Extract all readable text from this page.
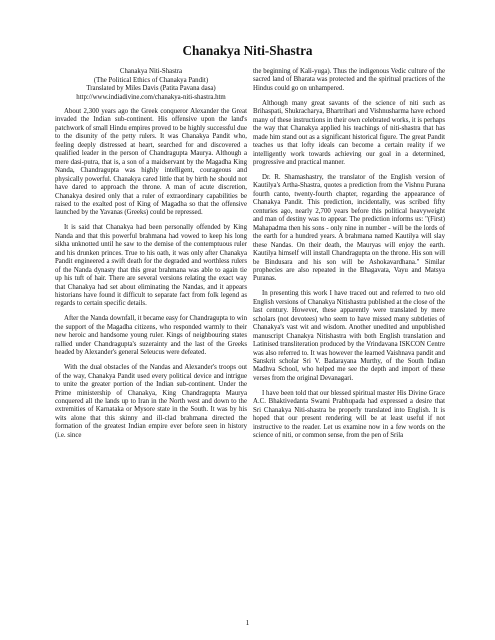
Chanakya Niti-Shastra
Chanakya Niti-Shastra
(The Political Ethics of Chanakya Pandit)
Translated by Miles Davis (Patita Pavana dasa)
http://www.indiadivine.com/chanakya-niti-shastra.htm

About 2,300 years ago the Greek conqueror Alexander the Great invaded the Indian sub-continent. His offensive upon the land's patchwork of small Hindu empires proved to be highly successful due to the disunity of the petty rulers. It was Chanakya Pandit who, feeling deeply distressed at heart, searched for and discovered a qualified leader in the person of Chandragupta Maurya. Although a mere dasi-putra, that is, a son of a maidservant by the Magadha King Nanda, Chandragupta was highly intelligent, courageous and physically powerful. Chanakya cared little that by birth he should not have dared to approach the throne. A man of acute discretion, Chanakya desired only that a ruler of extraordinary capabilities be raised to the exalted post of King of Magadha so that the offensive launched by the Yavanas (Greeks) could be repressed.

It is said that Chanakya had been personally offended by King Nanda and that this powerful brahmana had vowed to keep his long sikha unknotted until he saw to the demise of the contemptuous ruler and his drunken princes. True to his oath, it was only after Chanakya Pandit engineered a swift death for the degraded and worthless rulers of the Nanda dynasty that this great brahmana was able to again tie up his tuft of hair. There are several versions relating the exact way that Chanakya had set about eliminating the Nandas, and it appears historians have found it difficult to separate fact from folk legend as regards to certain specific details.

After the Nanda downfall, it became easy for Chandragupta to win the support of the Magadha citizens, who responded warmly to their new heroic and handsome young ruler. Kings of neighbouring states rallied under Chandragupta's suzerainty and the last of the Greeks headed by Alexander's general Seleucus were defeated.

With the dual obstacles of the Nandas and Alexander's troops out of the way, Chanakya Pandit used every political device and intrigue to unite the greater portion of the Indian sub-continent. Under the Prime ministership of Chanakya, King Chandragupta Maurya conquered all the lands up to Iran in the North west and down to the extremities of Karnataka or Mysore state in the South. It was by his wits alone that this skinny and ill-clad brahmana directed the formation of the greatest Indian empire ever before seen in history (i.e. since

the beginning of Kali-yuga). Thus the indigenous Vedic culture of the sacred land of Bharata was protected and the spiritual practices of the Hindus could go on unhampered.

Although many great savants of the science of niti such as Brihaspati, Shukracharya, Bhartrihari and Vishnusharma have echoed many of these instructions in their own celebrated works, it is perhaps the way that Chanakya applied his teachings of niti-shastra that has made him stand out as a significant historical figure. The great Pandit teaches us that lofty ideals can become a certain reality if we intelligently work towards achieving our goal in a determined, progressive and practical manner.

Dr. R. Shamashastry, the translator of the English version of Kautilya's Artha-Shastra, quotes a prediction from the Vishnu Purana fourth canto, twenty-fourth chapter, regarding the appearance of Chanakya Pandit. This prediction, incidentally, was scribed fifty centuries ago, nearly 2,700 years before this political heavyweight and man of destiny was to appear. The prediction informs us: "(First) Mahapadma then his sons - only nine in number - will be the lords of the earth for a hundred years. A brahmana named Kautilya will slay these Nandas. On their death, the Mauryas will enjoy the earth. Kautilya himself will install Chandragupta on the throne. His son will be Bindusara and his son will be Ashokavardhana." Similar prophecies are also repeated in the Bhagavata, Vayu and Matsya Puranas.

In presenting this work I have traced out and referred to two old English versions of Chanakya Nitishastra published at the close of the last century. However, these apparently were translated by mere scholars (not devotees) who seem to have missed many subtleties of Chanakya's vast wit and wisdom. Another unedited and unpublished manuscript Chanakya Nitishastra with both English translation and Latinised transliteration produced by the Vrindavana ISKCON Centre was also referred to. It was however the learned Vaishnava pandit and Sanskrit scholar Sri V. Badarayana Murthy, of the South Indian Madhva School, who helped me see the depth and import of these verses from the original Devanagari.

I have been told that our blessed spiritual master His Divine Grace A.C. Bhaktivedanta Swami Prabhupada had expressed a desire that Sri Chanakya Niti-shastra be properly translated into English. It is hoped that our present rendering will be at least useful if not instructive to the reader. Let us examine now in a few words on the science of niti, or common sense, from the pen of Srila

1
